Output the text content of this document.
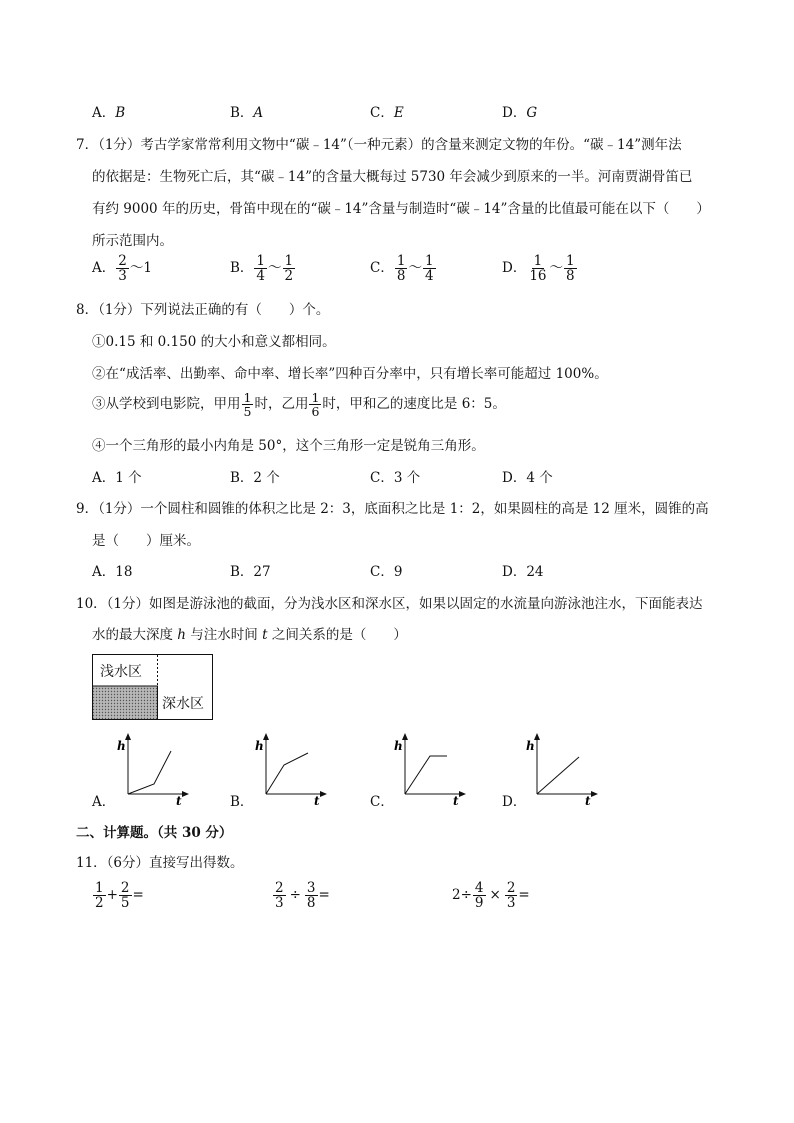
A．B	B．A	C．E	D．G
7．（1分）考古学家常常利用文物中“碳﹣14”（一种元素）的含量来测定文物的年份。“碳﹣14”测年法
的依据是：生物死亡后，其“碳﹣14”的含量大概每过 5730 年会减少到原来的一半。河南贾湖骨笛已
有约 9000 年的历史，骨笛中现在的“碳﹣14”含量与制造时“碳﹣14”含量的比值最可能在以下（　　）
所示范围内。
A． $\frac{2}{3}$ ～1	B． $\frac{1}{4}$ ～ $\frac{1}{2}$	C． $\frac{1}{8}$ ～ $\frac{1}{4}$	D． $\frac{1}{16}$ ～ $\frac{1}{8}$
8．（1分）下列说法正确的有（　　）个。
①0.15 和 0.150 的大小和意义都相同。
②在“成活率、出勤率、命中率、增长率”四种百分率中，只有增长率可能超过 100%。
③从学校到电影院，甲用 $\frac{1}{5}$ 时，乙用 $\frac{1}{6}$ 时，甲和乙的速度比是 6：5。
④一个三角形的最小内角是 50°，这个三角形一定是锐角三角形。
A．1 个	B．2 个	C．3 个	D．4 个
9．（1分）一个圆柱和圆锥的体积之比是 2：3，底面积之比是 1：2，如果圆柱的高是 12 厘米，圆锥的高
是（　　）厘米。
A．18	B．27	C．9	D．24
10．（1分）如图是游泳池的截面，分为浅水区和深水区，如果以固定的水流量向游泳池注水，下面能表达
水的最大深度 h 与注水时间 t 之间关系的是（　　）
浅水区
深水区
A．	B．	C．	D．
h
t
h
t
h
t
h
t
二、计算题。（共 30 分）
11．（6分）直接写出得数。
$\frac{1}{2} + \frac{2}{5}$ =	$\frac{2}{3} \div \frac{3}{8}$ =	$2\div \frac{4}{9} \times \frac{2}{3}$ =
